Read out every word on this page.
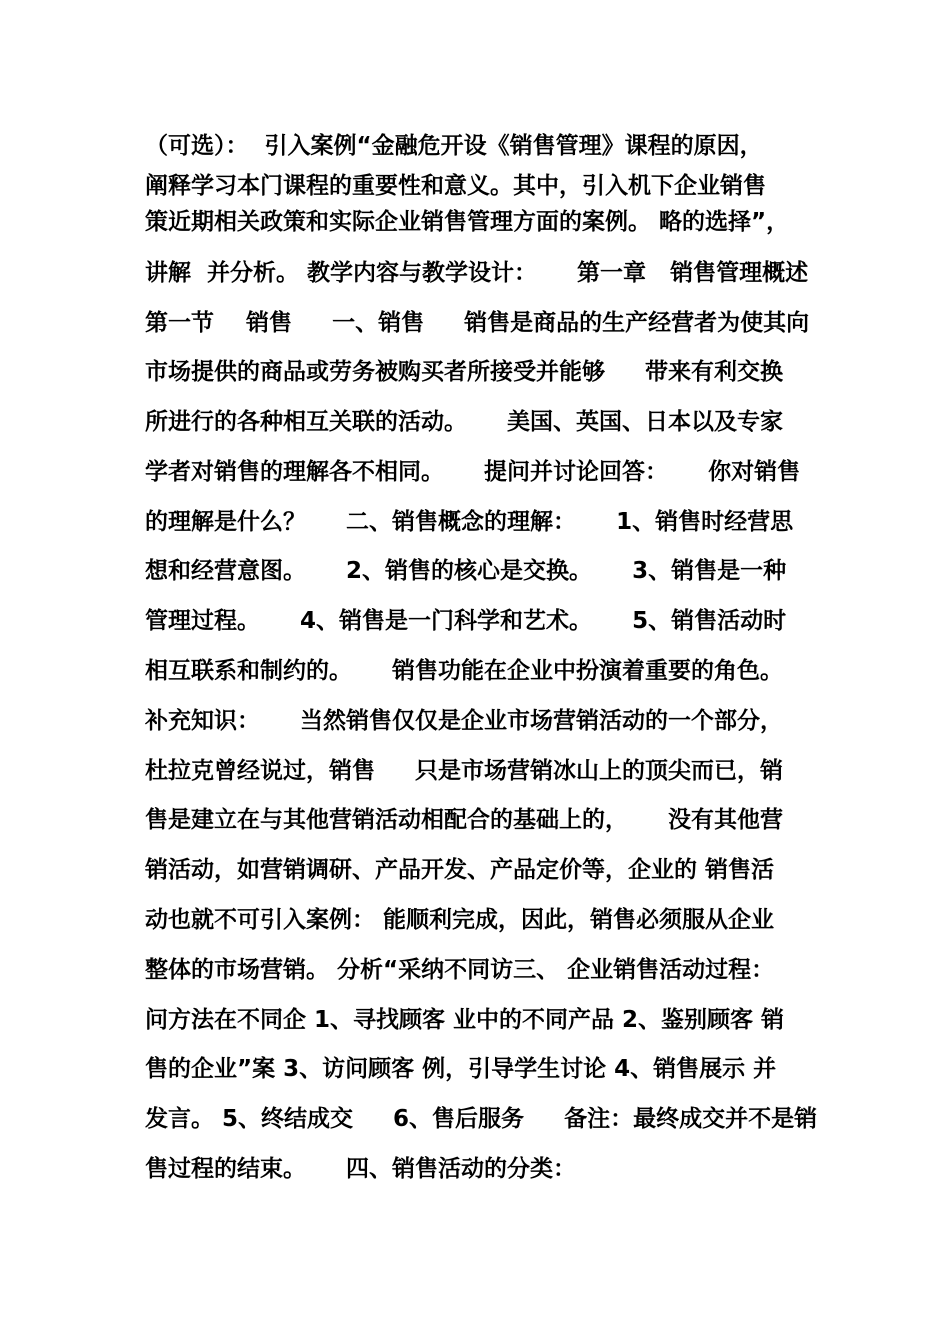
（可选）：  引入案例“金融危开设《销售管理》课程的原因，
阐释学习本门课程的重要性和意义。其中，引入机下企业销售
策近期相关政策和实际企业销售管理方面的案例。 略的选择”，
讲解  并分析。 教学内容与教学设计：     第一章   销售管理概述
第一节    销售     一、销售     销售是商品的生产经营者为使其向
市场提供的商品或劳务被购买者所接受并能够     带来有利交换
所进行的各种相互关联的活动。     美国、英国、日本以及专家
学者对销售的理解各不相同。     提问并讨论回答：     你对销售
的理解是什么？     二、销售概念的理解：     1、销售时经营思
想和经营意图。     2、销售的核心是交换。     3、销售是一种
管理过程。     4、销售是一门科学和艺术。     5、销售活动时
相互联系和制约的。     销售功能在企业中扮演着重要的角色。
补充知识：     当然销售仅仅是企业市场营销活动的一个部分，
杜拉克曾经说过，销售     只是市场营销冰山上的顶尖而已，销
售是建立在与其他营销活动相配合的基础上的，     没有其他营
销活动，如营销调研、产品开发、产品定价等，企业的 销售活
动也就不可引入案例： 能顺利完成，因此，销售必须服从企业
整体的市场营销。 分析“采纳不同访三、 企业销售活动过程：
问方法在不同企 1、寻找顾客 业中的不同产品 2、鉴别顾客 销
售的企业”案 3、访问顾客 例，引导学生讨论 4、销售展示 并
发言。 5、终结成交     6、售后服务     备注：最终成交并不是销
售过程的结束。     四、销售活动的分类：
